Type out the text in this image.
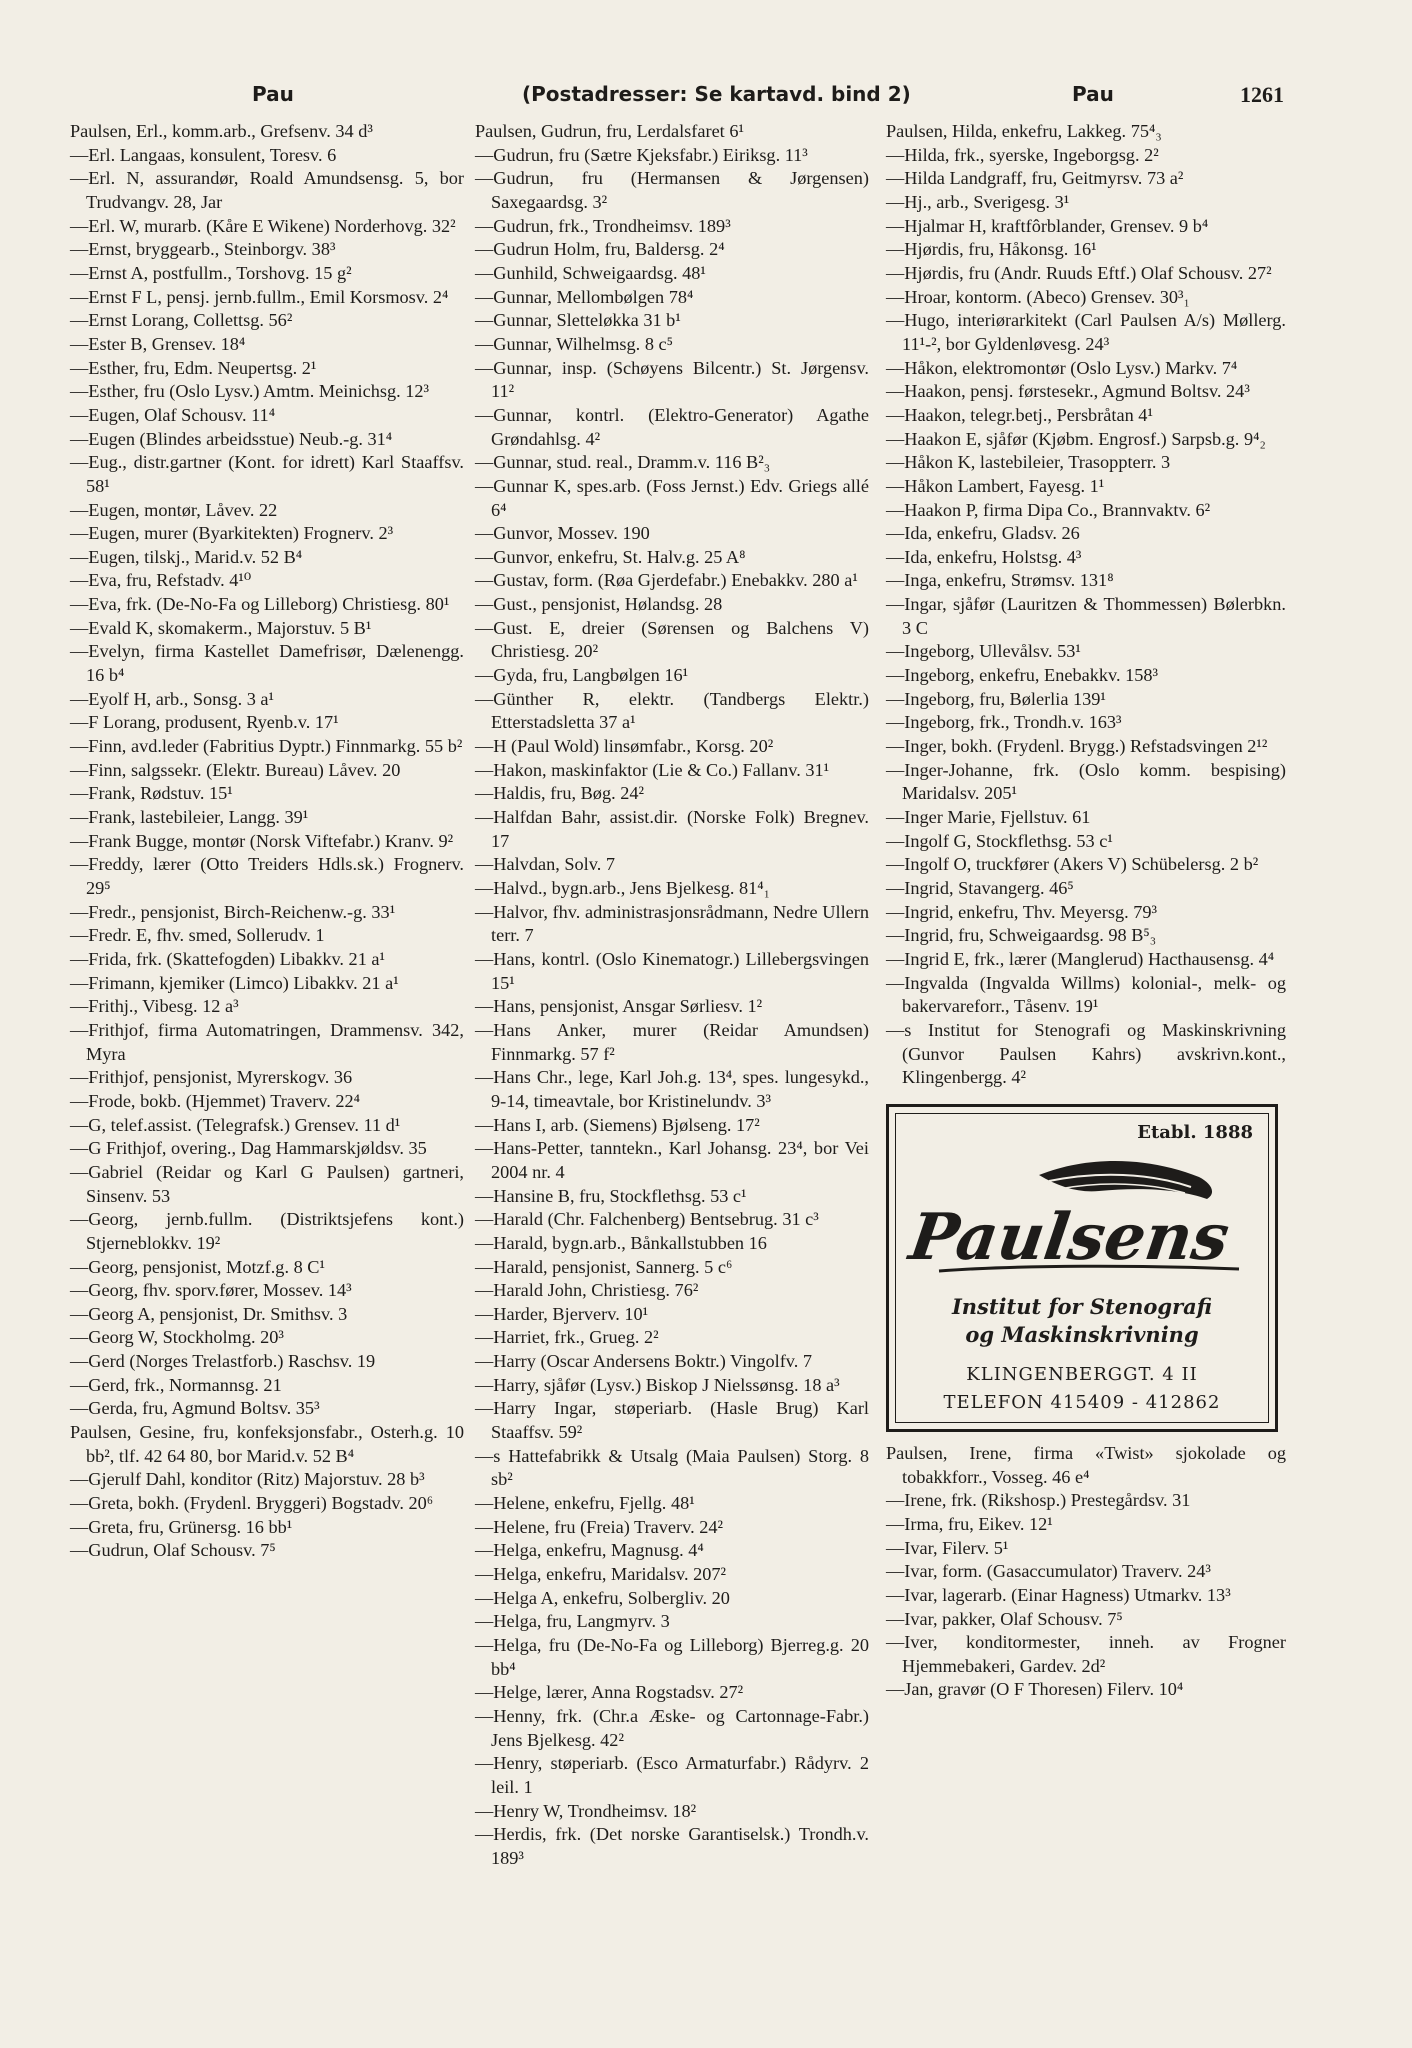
Pau	(Postadresser: Se kartavd. bind 2)	Pau	1261
Paulsen, Erl., komm.arb., Grefsenv. 34 d³
—Erl. Langaas, konsulent, Toresv. 6
—Erl. N, assurandør, Roald Amundsensg. 5, bor Trudvangv. 28, Jar
—Erl. W, murarb. (Kåre E Wikene) Norderhovg. 32²
—Ernst, bryggearb., Steinborgv. 38³
—Ernst A, postfullm., Torshovg. 15 g²
—Ernst F L, pensj. jernb.fullm., Emil Korsmosv. 2⁴
—Ernst Lorang, Collettsg. 56²
—Ester B, Grensev. 18⁴
—Esther, fru, Edm. Neupertsg. 2¹
—Esther, fru (Oslo Lysv.) Amtm. Meinichsg. 12³
—Eugen, Olaf Schousv. 11⁴
—Eugen (Blindes arbeidsstue) Neub.-g. 31⁴
—Eug., distr.gartner (Kont. for idrett) Karl Staaffsv. 58¹
—Eugen, montør, Låvev. 22
—Eugen, murer (Byarkitekten) Frognerv. 2³
—Eugen, tilskj., Marid.v. 52 B⁴
—Eva, fru, Refstadv. 4¹⁰
—Eva, frk. (De-No-Fa og Lilleborg) Christiesg. 80¹
—Evald K, skomakerm., Majorstuv. 5 B¹
—Evelyn, firma Kastellet Damefrisør, Dælenengg. 16 b⁴
—Eyolf H, arb., Sonsg. 3 a¹
—F Lorang, produsent, Ryenb.v. 17¹
—Finn, avd.leder (Fabritius Dyptr.) Finnmarkg. 55 b²
—Finn, salgssekr. (Elektr. Bureau) Låvev. 20
—Frank, Rødstuv. 15¹
—Frank, lastebileier, Langg. 39¹
—Frank Bugge, montør (Norsk Viftefabr.) Kranv. 9²
—Freddy, lærer (Otto Treiders Hdls.sk.) Frognerv. 29⁵
—Fredr., pensjonist, Birch-Reichenw.-g. 33¹
—Fredr. E, fhv. smed, Sollerudv. 1
—Frida, frk. (Skattefogden) Libakkv. 21 a¹
—Frimann, kjemiker (Limco) Libakkv. 21 a¹
—Frithj., Vibesg. 12 a³
—Frithjof, firma Automatringen, Drammensv. 342, Myra
—Frithjof, pensjonist, Myrerskogv. 36
—Frode, bokb. (Hjemmet) Traverv. 22⁴
—G, telef.assist. (Telegrafsk.) Grensev. 11 d¹
—G Frithjof, overing., Dag Hammarskjøldsv. 35
—Gabriel (Reidar og Karl G Paulsen) gartneri, Sinsenv. 53
—Georg, jernb.fullm. (Distriktsjefens kont.) Stjerneblokkv. 19²
—Georg, pensjonist, Motzf.g. 8 C¹
—Georg, fhv. sporv.fører, Mossev. 14³
—Georg A, pensjonist, Dr. Smithsv. 3
—Georg W, Stockholmg. 20³
—Gerd (Norges Trelastforb.) Raschsv. 19
—Gerd, frk., Normannsg. 21
—Gerda, fru, Agmund Boltsv. 35³
Paulsen, Gesine, fru, konfeksjonsfabr., Osterh.g. 10 bb², tlf. 42 64 80, bor Marid.v. 52 B⁴
—Gjerulf Dahl, konditor (Ritz) Majorstuv. 28 b³
—Greta, bokh. (Frydenl. Bryggeri) Bogstadv. 20⁶
—Greta, fru, Grünersg. 16 bb¹
—Gudrun, Olaf Schousv. 7⁵
Paulsen, Gudrun, fru, Lerdalsfaret 6¹
—Gudrun, fru (Sætre Kjeksfabr.) Eiriksg. 11³
—Gudrun, fru (Hermansen & Jørgensen) Saxegaardsg. 3²
—Gudrun, frk., Trondheimsv. 189³
—Gudrun Holm, fru, Baldersg. 2⁴
—Gunhild, Schweigaardsg. 48¹
—Gunnar, Mellombølgen 78⁴
—Gunnar, Sletteløkka 31 b¹
—Gunnar, Wilhelmsg. 8 c⁵
—Gunnar, insp. (Schøyens Bilcentr.) St. Jørgensv. 11²
—Gunnar, kontrl. (Elektro-Generator) Agathe Grøndahlsg. 4²
—Gunnar, stud. real., Dramm.v. 116 B²₃
—Gunnar K, spes.arb. (Foss Jernst.) Edv. Griegs allé 6⁴
—Gunvor, Mossev. 190
—Gunvor, enkefru, St. Halv.g. 25 A⁸
—Gustav, form. (Røa Gjerdefabr.) Enebakkv. 280 a¹
—Gust., pensjonist, Hølandsg. 28
—Gust. E, dreier (Sørensen og Balchens V) Christiesg. 20²
—Gyda, fru, Langbølgen 16¹
—Günther R, elektr. (Tandbergs Elektr.) Etterstadsletta 37 a¹
—H (Paul Wold) linsømfabr., Korsg. 20²
—Hakon, maskinfaktor (Lie & Co.) Fallanv. 31¹
—Haldis, fru, Bøg. 24²
—Halfdan Bahr, assist.dir. (Norske Folk) Bregnev. 17
—Halvdan, Solv. 7
—Halvd., bygn.arb., Jens Bjelkesg. 81⁴₁
—Halvor, fhv. administrasjonsrådmann, Nedre Ullern terr. 7
—Hans, kontrl. (Oslo Kinematogr.) Lillebergsvingen 15¹
—Hans, pensjonist, Ansgar Sørliesv. 1²
—Hans Anker, murer (Reidar Amundsen) Finnmarkg. 57 f²
—Hans Chr., lege, Karl Joh.g. 13⁴, spes. lungesykd., 9-14, timeavtale, bor Kristinelundv. 3³
—Hans I, arb. (Siemens) Bjølseng. 17²
—Hans-Petter, tanntekn., Karl Johansg. 23⁴, bor Vei 2004 nr. 4
—Hansine B, fru, Stockflethsg. 53 c¹
—Harald (Chr. Falchenberg) Bentsebrug. 31 c³
—Harald, bygn.arb., Bånkallstubben 16
—Harald, pensjonist, Sannerg. 5 c⁶
—Harald John, Christiesg. 76²
—Harder, Bjerverv. 10¹
—Harriet, frk., Grueg. 2²
—Harry (Oscar Andersens Boktr.) Vingolfv. 7
—Harry, sjåfør (Lysv.) Biskop J Nielssønsg. 18 a³
—Harry Ingar, støperiarb. (Hasle Brug) Karl Staaffsv. 59²
—s Hattefabrikk & Utsalg (Maia Paulsen) Storg. 8 sb²
—Helene, enkefru, Fjellg. 48¹
—Helene, fru (Freia) Traverv. 24²
—Helga, enkefru, Magnusg. 4⁴
—Helga, enkefru, Maridalsv. 207²
—Helga A, enkefru, Solbergliv. 20
—Helga, fru, Langmyrv. 3
—Helga, fru (De-No-Fa og Lilleborg) Bjerreg.g. 20 bb⁴
—Helge, lærer, Anna Rogstadsv. 27²
—Henny, frk. (Chr.a Æske- og Cartonnage-Fabr.) Jens Bjelkesg. 42²
—Henry, støperiarb. (Esco Armaturfabr.) Rådyrv. 2 leil. 1
—Henry W, Trondheimsv. 18²
—Herdis, frk. (Det norske Garantiselsk.) Trondh.v. 189³
Paulsen, Hilda, enkefru, Lakkeg. 75⁴₃
—Hilda, frk., syerske, Ingeborgsg. 2²
—Hilda Landgraff, fru, Geitmyrsv. 73 a²
—Hj., arb., Sverigesg. 3¹
—Hjalmar H, kraftfôrblander, Grensev. 9 b⁴
—Hjørdis, fru, Håkonsg. 16¹
—Hjørdis, fru (Andr. Ruuds Eftf.) Olaf Schousv. 27²
—Hroar, kontorm. (Abeco) Grensev. 30³₁
—Hugo, interiørarkitekt (Carl Paulsen A/s) Møllerg. 11¹-², bor Gyldenløvesg. 24³
—Håkon, elektromontør (Oslo Lysv.) Markv. 7⁴
—Haakon, pensj. førstesekr., Agmund Boltsv. 24³
—Haakon, telegr.betj., Persbråtan 4¹
—Haakon E, sjåfør (Kjøbm. Engrosf.) Sarpsb.g. 9⁴₂
—Håkon K, lastebileier, Trasoppterr. 3
—Håkon Lambert, Fayesg. 1¹
—Haakon P, firma Dipa Co., Brannvaktv. 6²
—Ida, enkefru, Gladsv. 26
—Ida, enkefru, Holstsg. 4³
—Inga, enkefru, Strømsv. 131⁸
—Ingar, sjåfør (Lauritzen & Thommessen) Bølerbkn. 3 C
—Ingeborg, Ullevålsv. 53¹
—Ingeborg, enkefru, Enebakkv. 158³
—Ingeborg, fru, Bølerlia 139¹
—Ingeborg, frk., Trondh.v. 163³
—Inger, bokh. (Frydenl. Brygg.) Refstadsvingen 2¹²
—Inger-Johanne, frk. (Oslo komm. bespising) Maridalsv. 205¹
—Inger Marie, Fjellstuv. 61
—Ingolf G, Stockflethsg. 53 c¹
—Ingolf O, truckfører (Akers V) Schübelersg. 2 b²
—Ingrid, Stavangerg. 46⁵
—Ingrid, enkefru, Thv. Meyersg. 79³
—Ingrid, fru, Schweigaardsg. 98 B⁵₃
—Ingrid E, frk., lærer (Manglerud) Hacthausensg. 4⁴
—Ingvalda (Ingvalda Willms) kolonial-, melk- og bakervareforr., Tåsenv. 19¹
—s Institut for Stenografi og Maskinskrivning (Gunvor Paulsen Kahrs) avskrivn.kont., Klingenbergg. 4²
Etabl. 1888
Paulsens
Institut for Stenografi
og Maskinskrivning
KLINGENBERGGT. 4 II
TELEFON 415409 - 412862
Paulsen, Irene, firma «Twist» sjokolade og tobakkforr., Vosseg. 46 e⁴
—Irene, frk. (Rikshosp.) Prestegårdsv. 31
—Irma, fru, Eikev. 12¹
—Ivar, Filerv. 5¹
—Ivar, form. (Gasaccumulator) Traverv. 24³
—Ivar, lagerarb. (Einar Hagness) Utmarkv. 13³
—Ivar, pakker, Olaf Schousv. 7⁵
—Iver, konditormester, inneh. av Frogner Hjemmebakeri, Gardev. 2d²
—Jan, gravør (O F Thoresen) Filerv. 10⁴
